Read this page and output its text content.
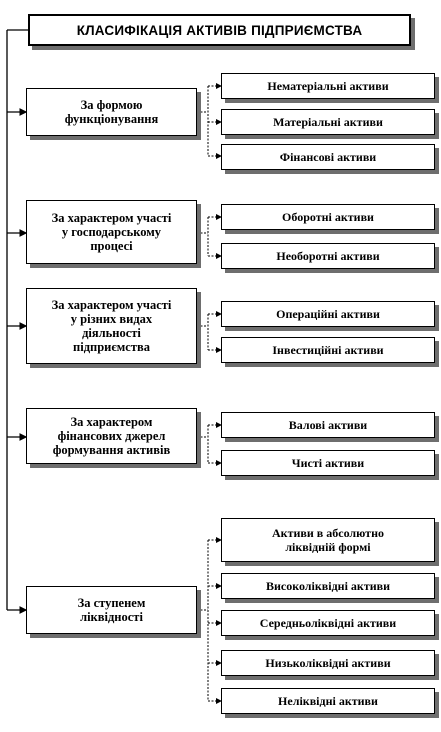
КЛАСИФІКАЦІЯ АКТИВІВ ПІДПРИЄМСТВА
За формою
функціонування
Нематеріальні активи
Матеріальні активи
Фінансові активи
За характером участі
у господарському
процесі
Оборотні активи
Необоротні активи
За характером участі
у різних видах
діяльності
підприємства
Операційні активи
Інвестиційні активи
За характером
фінансових джерел
формування активів
Валові активи
Чисті активи
За ступенем
ліквідності
Активи в абсолютно
ліквідній формі
Високоліквідні активи
Середньоліквідні активи
Низьколіквідні активи
Неліквідні активи
